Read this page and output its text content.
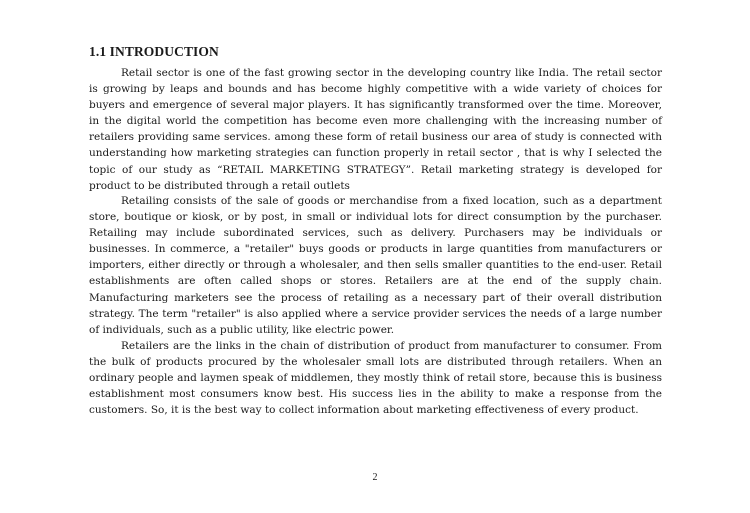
1.1 INTRODUCTION

Retail sector is one of the fast growing sector in the developing country like India. The retail sector is growing by leaps and bounds and has become highly competitive with a wide variety of choices for buyers and emergence of several major players. It has significantly transformed over the time. Moreover, in the digital world the competition has become even more challenging with the increasing number of retailers providing same services. among these form of retail business our area of study is connected with understanding how marketing strategies can function properly in retail sector , that is why I selected the topic of our study as “RETAIL MARKETING STRATEGY”. Retail marketing strategy is developed for product to be distributed through a retail outlets

Retailing consists of the sale of goods or merchandise from a fixed location, such as a department store, boutique or kiosk, or by post, in small or individual lots for direct consumption by the purchaser. Retailing may include subordinated services, such as delivery. Purchasers may be individuals or businesses. In commerce, a "retailer" buys goods or products in large quantities from manufacturers or importers, either directly or through a wholesaler, and then sells smaller quantities to the end-user. Retail establishments are often called shops or stores. Retailers are at the end of the supply chain. Manufacturing marketers see the process of retailing as a necessary part of their overall distribution strategy. The term "retailer" is also applied where a service provider services the needs of a large number of individuals, such as a public utility, like electric power.

Retailers are the links in the chain of distribution of product from manufacturer to consumer. From the bulk of products procured by the wholesaler small lots are distributed through retailers. When an ordinary people and laymen speak of middlemen, they mostly think of retail store, because this is business establishment most consumers know best. His success lies in the ability to make a response from the customers. So, it is the best way to collect information about marketing effectiveness of every product.

2
